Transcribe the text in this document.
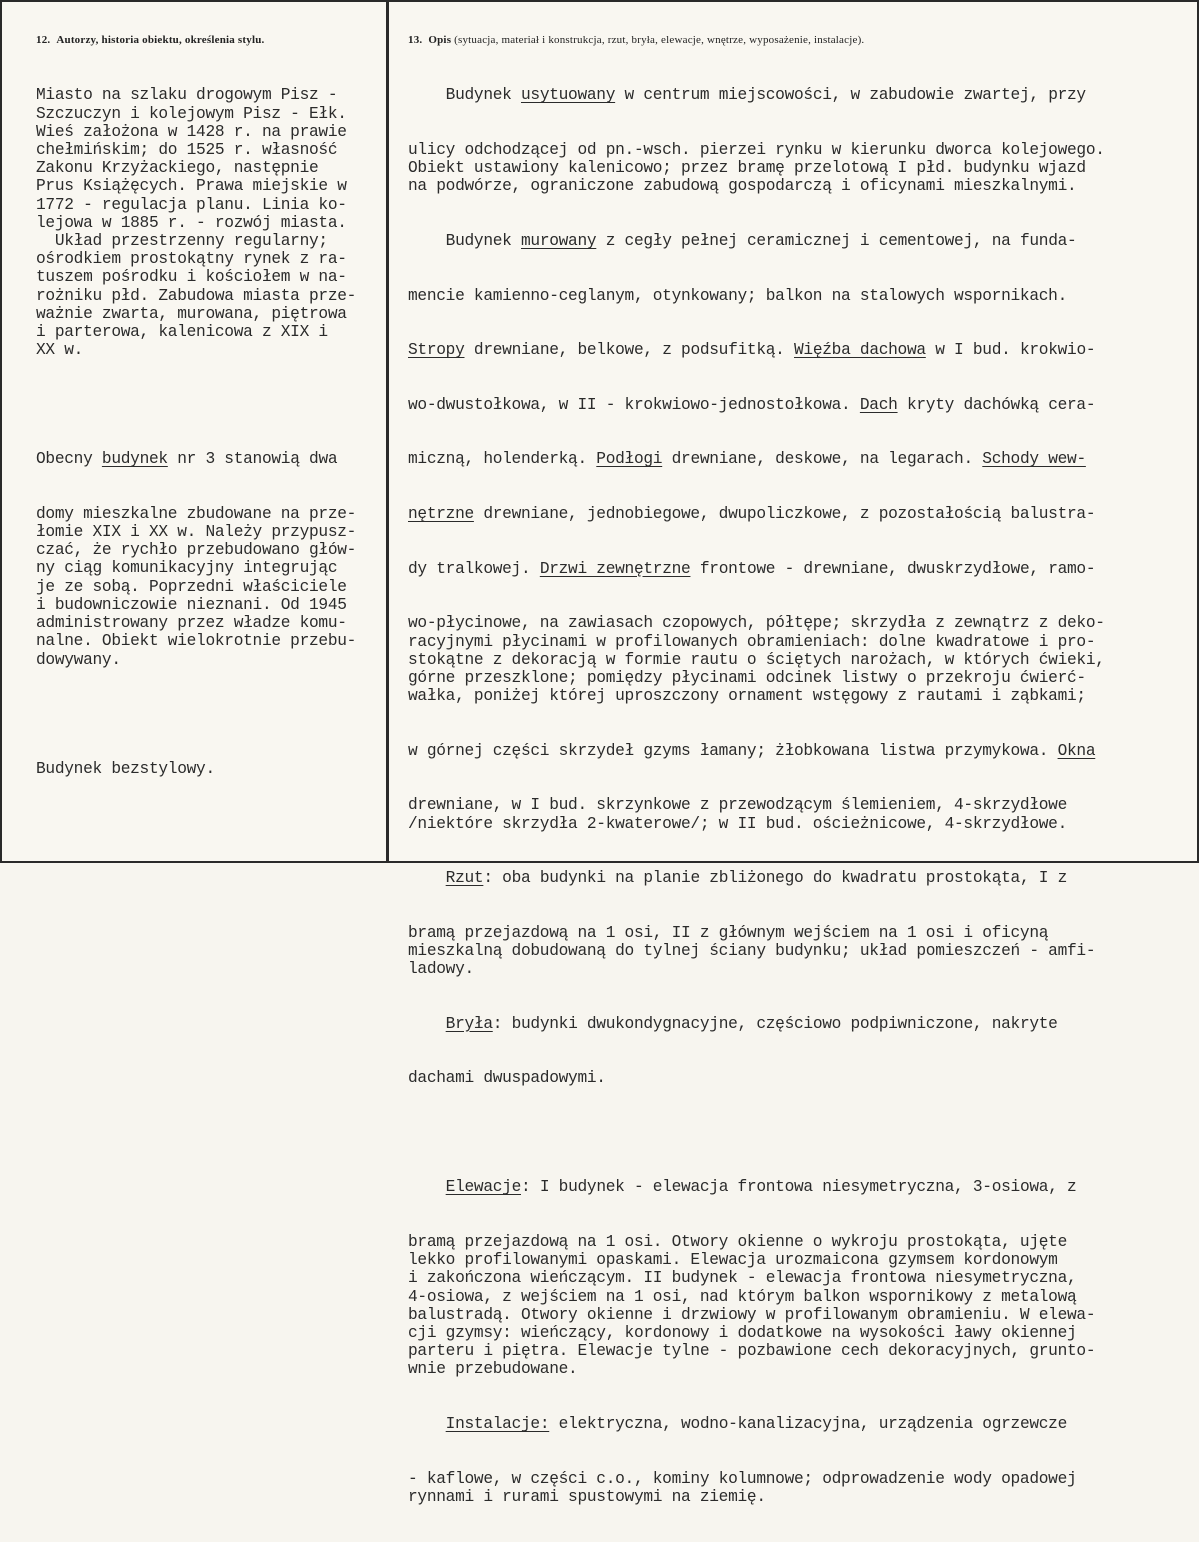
12. Autorzy, historia obiektu, określenia stylu.

Miasto na szlaku drogowym Pisz -
Szczuczyn i kolejowym Pisz - Ełk.
Wieś założona w 1428 r. na prawie
chełmińskim; do 1525 r. własność
Zakonu Krzyżackiego, następnie
Prus Książęcych. Prawa miejskie w
1772 - regulacja planu. Linia ko-
lejowa w 1885 r. - rozwój miasta.
Układ przestrzenny regularny;
ośrodkiem prostokątny rynek z ra-
tuszem pośrodku i kościołem w na-
rożniku płd. Zabudowa miasta prze-
ważnie zwarta, murowana, piętrowa
i parterowa, kalenicowa z XIX i
XX w.

Obecny budynek nr 3 stanowią dwa

domy mieszkalne zbudowane na prze-
łomie XIX i XX w. Należy przypusz-
czać, że rychło przebudowano głów-
ny ciąg komunikacyjny integrując
je ze sobą. Poprzedni właściciele
i budowniczowie nieznani. Od 1945
administrowany przez władze komu-
nalne. Obiekt wielokrotnie przebu-
dowywany.

Budynek bezstylowy.

13. Opis (sytuacja, materiał i konstrukcja, rzut, bryła, elewacje, wnętrze, wyposażenie, instalacje).

Budynek usytuowany w centrum miejscowości, w zabudowie zwartej, przy

ulicy odchodzącej od pn.-wsch. pierzei rynku w kierunku dworca kolejowego.
Obiekt ustawiony kalenicowo; przez bramę przelotową I płd. budynku wjazd
na podwórze, ograniczone zabudową gospodarczą i oficynami mieszkalnymi.

Budynek murowany z cegły pełnej ceramicznej i cementowej, na funda-

mencie kamienno-ceglanym, otynkowany; balkon na stalowych wspornikach.

Stropy drewniane, belkowe, z podsufitką. Więźba dachowa w I bud. krokwio-

wo-dwustołkowa, w II - krokwiowo-jednostołkowa. Dach kryty dachówką cera-

miczną, holenderką. Podłogi drewniane, deskowe, na legarach. Schody wew-

nętrzne drewniane, jednobiegowe, dwupoliczkowe, z pozostałością balustra-

dy tralkowej. Drzwi zewnętrzne frontowe - drewniane, dwuskrzydłowe, ramo-

wo-płycinowe, na zawiasach czopowych, półtępe; skrzydła z zewnątrz z deko-
racyjnymi płycinami w profilowanych obramieniach: dolne kwadratowe i pro-
stokątne z dekoracją w formie rautu o ściętych narożach, w których ćwieki,
górne przeszklone; pomiędzy płycinami odcinek listwy o przekroju ćwierć-
wałka, poniżej której uproszczony ornament wstęgowy z rautami i ząbkami;

w górnej części skrzydeł gzyms łamany; żłobkowana listwa przymykowa. Okna

drewniane, w I bud. skrzynkowe z przewodzącym ślemieniem, 4-skrzydłowe
/niektóre skrzydła 2-kwaterowe/; w II bud. ościeżnicowe, 4-skrzydłowe.

Rzut: oba budynki na planie zbliżonego do kwadratu prostokąta, I z

bramą przejazdową na 1 osi, II z głównym wejściem na 1 osi i oficyną
mieszkalną dobudowaną do tylnej ściany budynku; układ pomieszczeń - amfi-
ladowy.

Bryła: budynki dwukondygnacyjne, częściowo podpiwniczone, nakryte

dachami dwuspadowymi.

Elewacje: I budynek - elewacja frontowa niesymetryczna, 3-osiowa, z

bramą przejazdową na 1 osi. Otwory okienne o wykroju prostokąta, ujęte
lekko profilowanymi opaskami. Elewacja urozmaicona gzymsem kordonowym
i zakończona wieńczącym. II budynek - elewacja frontowa niesymetryczna,
4-osiowa, z wejściem na 1 osi, nad którym balkon wspornikowy z metalową
balustradą. Otwory okienne i drzwiowy w profilowanym obramieniu. W elewa-
cji gzymsy: wieńczący, kordonowy i dodatkowe na wysokości ławy okiennej
parteru i piętra. Elewacje tylne - pozbawione cech dekoracyjnych, grunto-
wnie przebudowane.

Instalacje: elektryczna, wodno-kanalizacyjna, urządzenia ogrzewcze

- kaflowe, w części c.o., kominy kolumnowe; odprowadzenie wody opadowej
rynnami i rurami spustowymi na ziemię.
